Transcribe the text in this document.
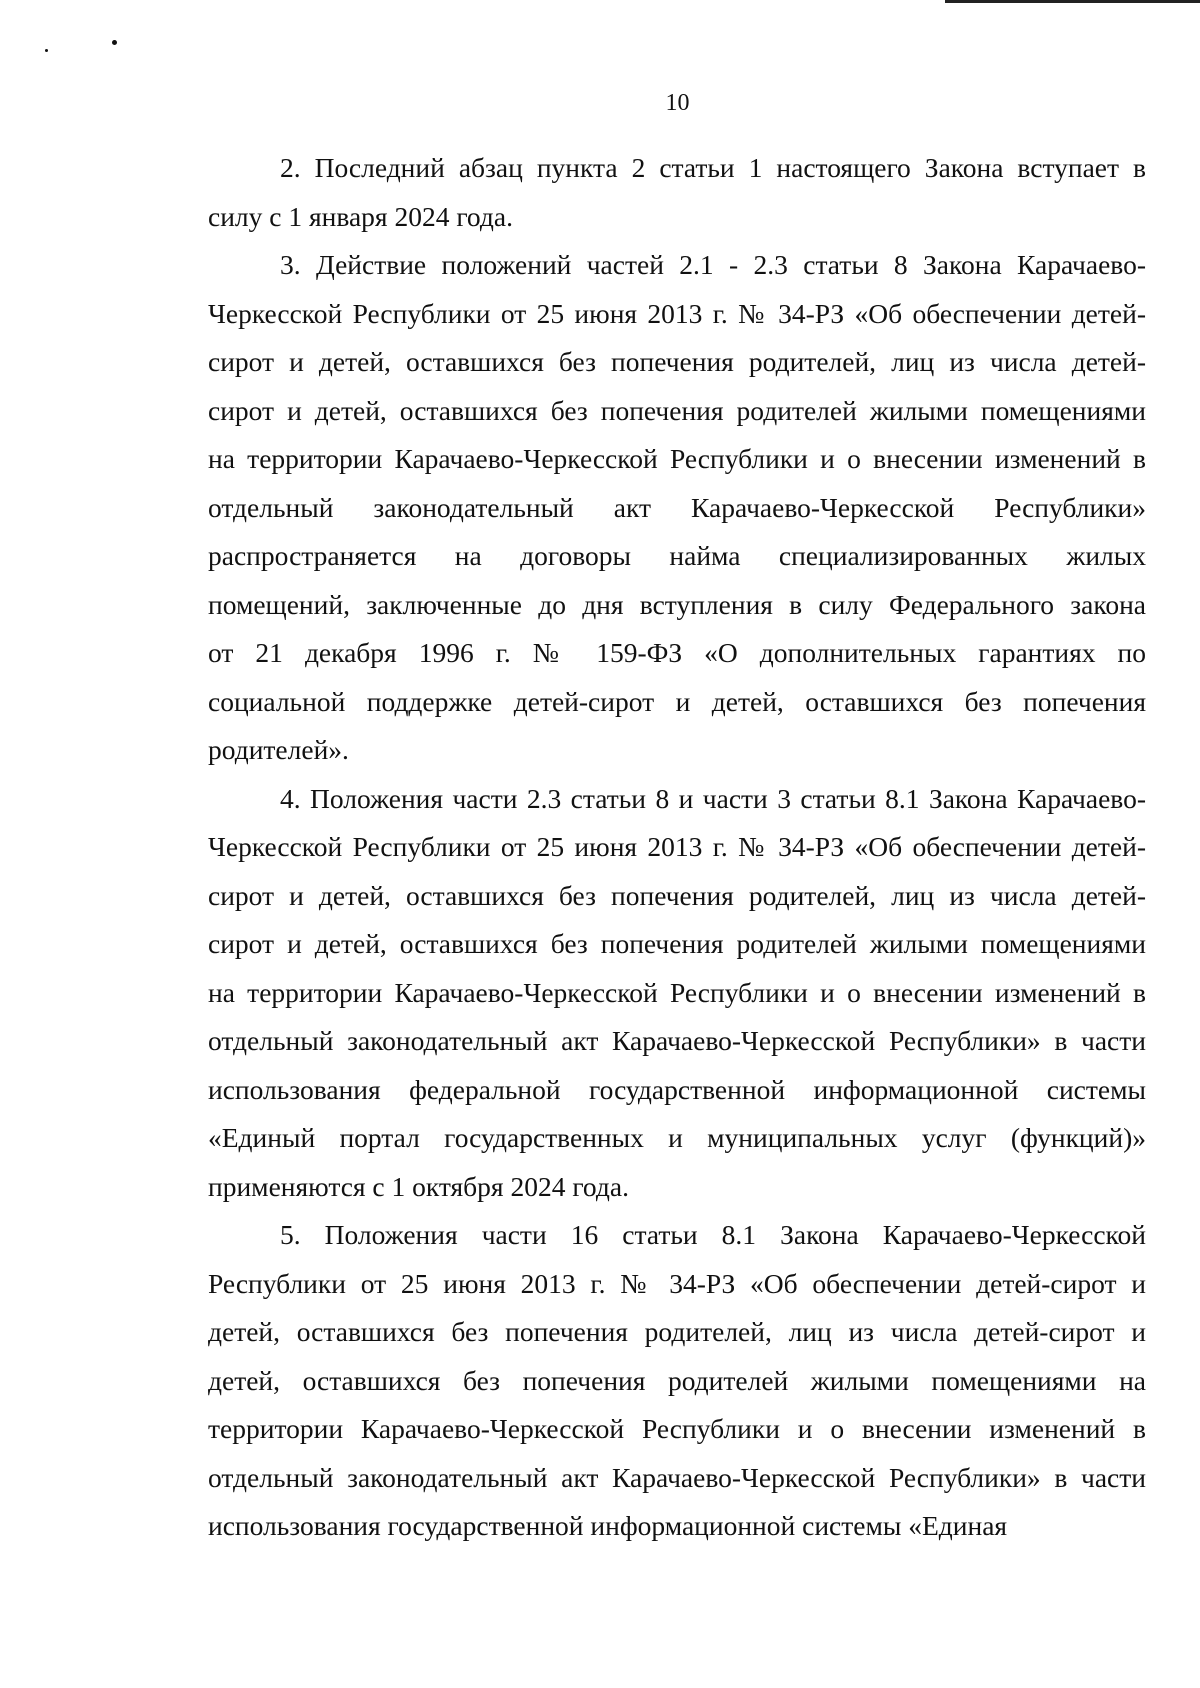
10
2. Последний абзац пункта 2 статьи 1 настоящего Закона вступает в
силу с 1 января 2024 года.
3. Действие положений частей 2.1 - 2.3 статьи 8 Закона Карачаево-
Черкесской Республики от 25 июня 2013 г. № 34-РЗ «Об обеспечении детей-
сирот и детей, оставшихся без попечения родителей, лиц из числа детей-
сирот и детей, оставшихся без попечения родителей жилыми помещениями
на территории Карачаево-Черкесской Республики и о внесении изменений в
отдельный законодательный акт Карачаево-Черкесской Республики»
распространяется на договоры найма специализированных жилых
помещений, заключенные до дня вступления в силу Федерального закона
от 21 декабря 1996 г. № 159-ФЗ «О дополнительных гарантиях по
социальной поддержке детей-сирот и детей, оставшихся без попечения
родителей».
4. Положения части 2.3 статьи 8 и части 3 статьи 8.1 Закона Карачаево-
Черкесской Республики от 25 июня 2013 г. № 34-РЗ «Об обеспечении детей-
сирот и детей, оставшихся без попечения родителей, лиц из числа детей-
сирот и детей, оставшихся без попечения родителей жилыми помещениями
на территории Карачаево-Черкесской Республики и о внесении изменений в
отдельный законодательный акт Карачаево-Черкесской Республики» в части
использования федеральной государственной информационной системы
«Единый портал государственных и муниципальных услуг (функций)»
применяются с 1 октября 2024 года.
5. Положения части 16 статьи 8.1 Закона Карачаево-Черкесской
Республики от 25 июня 2013 г. № 34-РЗ «Об обеспечении детей-сирот и
детей, оставшихся без попечения родителей, лиц из числа детей-сирот и
детей, оставшихся без попечения родителей жилыми помещениями на
территории Карачаево-Черкесской Республики и о внесении изменений в
отдельный законодательный акт Карачаево-Черкесской Республики» в части
использования государственной информационной системы «Единая
